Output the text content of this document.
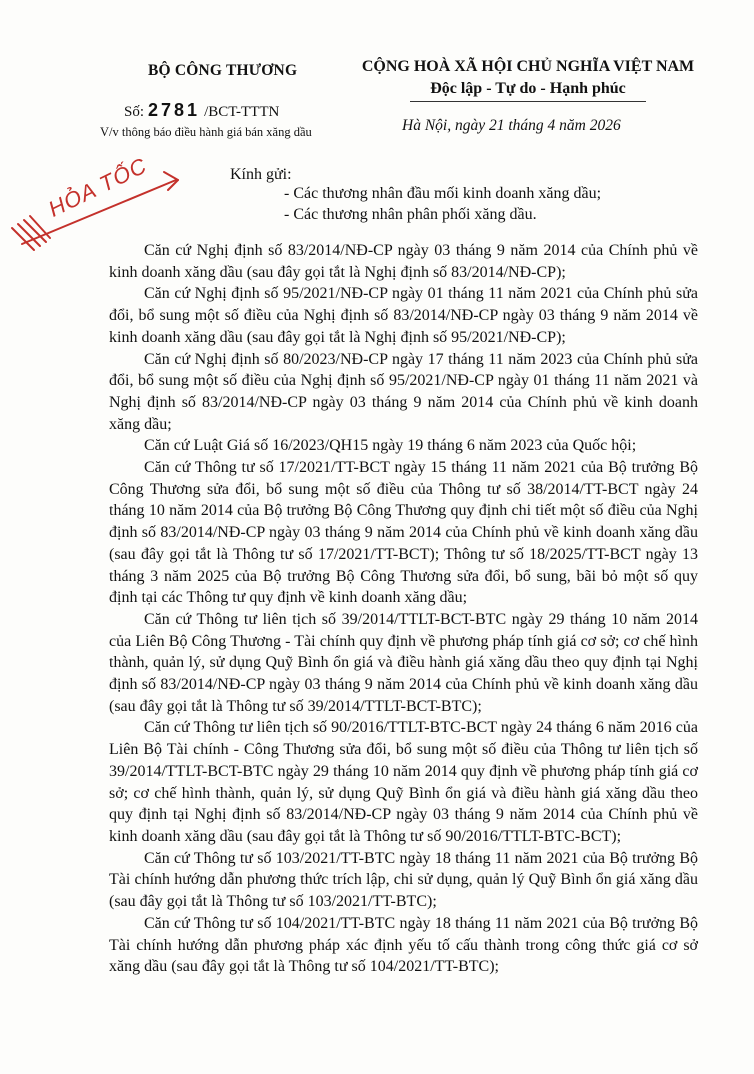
BỘ CÔNG THƯƠNG
Số: 2781 /BCT-TTTN
V/v thông báo điều hành giá bán xăng dầu
CỘNG HOÀ XÃ HỘI CHỦ NGHĨA VIỆT NAM
Độc lập - Tự do - Hạnh phúc
Hà Nội, ngày 21 tháng 4 năm 2026
HỎA TỐC	Kính gửi:
- Các thương nhân đầu mối kinh doanh xăng dầu;
- Các thương nhân phân phối xăng dầu.

Căn cứ Nghị định số 83/2014/NĐ-CP ngày 03 tháng 9 năm 2014 của Chính phủ về kinh doanh xăng dầu (sau đây gọi tắt là Nghị định số 83/2014/NĐ-CP);

Căn cứ Nghị định số 95/2021/NĐ-CP ngày 01 tháng 11 năm 2021 của Chính phủ sửa đổi, bổ sung một số điều của Nghị định số 83/2014/NĐ-CP ngày 03 tháng 9 năm 2014 về kinh doanh xăng dầu (sau đây gọi tắt là Nghị định số 95/2021/NĐ-CP);

Căn cứ Nghị định số 80/2023/NĐ-CP ngày 17 tháng 11 năm 2023 của Chính phủ sửa đổi, bổ sung một số điều của Nghị định số 95/2021/NĐ-CP ngày 01 tháng 11 năm 2021 và Nghị định số 83/2014/NĐ-CP ngày 03 tháng 9 năm 2014 của Chính phủ về kinh doanh xăng dầu;

Căn cứ Luật Giá số 16/2023/QH15 ngày 19 tháng 6 năm 2023 của Quốc hội;

Căn cứ Thông tư số 17/2021/TT-BCT ngày 15 tháng 11 năm 2021 của Bộ trưởng Bộ Công Thương sửa đổi, bổ sung một số điều của Thông tư số 38/2014/TT-BCT ngày 24 tháng 10 năm 2014 của Bộ trưởng Bộ Công Thương quy định chi tiết một số điều của Nghị định số 83/2014/NĐ-CP ngày 03 tháng 9 năm 2014 của Chính phủ về kinh doanh xăng dầu (sau đây gọi tắt là Thông tư số 17/2021/TT-BCT); Thông tư số 18/2025/TT-BCT ngày 13 tháng 3 năm 2025 của Bộ trưởng Bộ Công Thương sửa đổi, bổ sung, bãi bỏ một số quy định tại các Thông tư quy định về kinh doanh xăng dầu;

Căn cứ Thông tư liên tịch số 39/2014/TTLT-BCT-BTC ngày 29 tháng 10 năm 2014 của Liên Bộ Công Thương - Tài chính quy định về phương pháp tính giá cơ sở; cơ chế hình thành, quản lý, sử dụng Quỹ Bình ổn giá và điều hành giá xăng dầu theo quy định tại Nghị định số 83/2014/NĐ-CP ngày 03 tháng 9 năm 2014 của Chính phủ về kinh doanh xăng dầu (sau đây gọi tắt là Thông tư số 39/2014/TTLT-BCT-BTC);

Căn cứ Thông tư liên tịch số 90/2016/TTLT-BTC-BCT ngày 24 tháng 6 năm 2016 của Liên Bộ Tài chính - Công Thương sửa đổi, bổ sung một số điều của Thông tư liên tịch số 39/2014/TTLT-BCT-BTC ngày 29 tháng 10 năm 2014 quy định về phương pháp tính giá cơ sở; cơ chế hình thành, quản lý, sử dụng Quỹ Bình ổn giá và điều hành giá xăng dầu theo quy định tại Nghị định số 83/2014/NĐ-CP ngày 03 tháng 9 năm 2014 của Chính phủ về kinh doanh xăng dầu (sau đây gọi tắt là Thông tư số 90/2016/TTLT-BTC-BCT);

Căn cứ Thông tư số 103/2021/TT-BTC ngày 18 tháng 11 năm 2021 của Bộ trưởng Bộ Tài chính hướng dẫn phương thức trích lập, chi sử dụng, quản lý Quỹ Bình ổn giá xăng dầu (sau đây gọi tắt là Thông tư số 103/2021/TT-BTC);

Căn cứ Thông tư số 104/2021/TT-BTC ngày 18 tháng 11 năm 2021 của Bộ trưởng Bộ Tài chính hướng dẫn phương pháp xác định yếu tố cấu thành trong công thức giá cơ sở xăng dầu (sau đây gọi tắt là Thông tư số 104/2021/TT-BTC);
